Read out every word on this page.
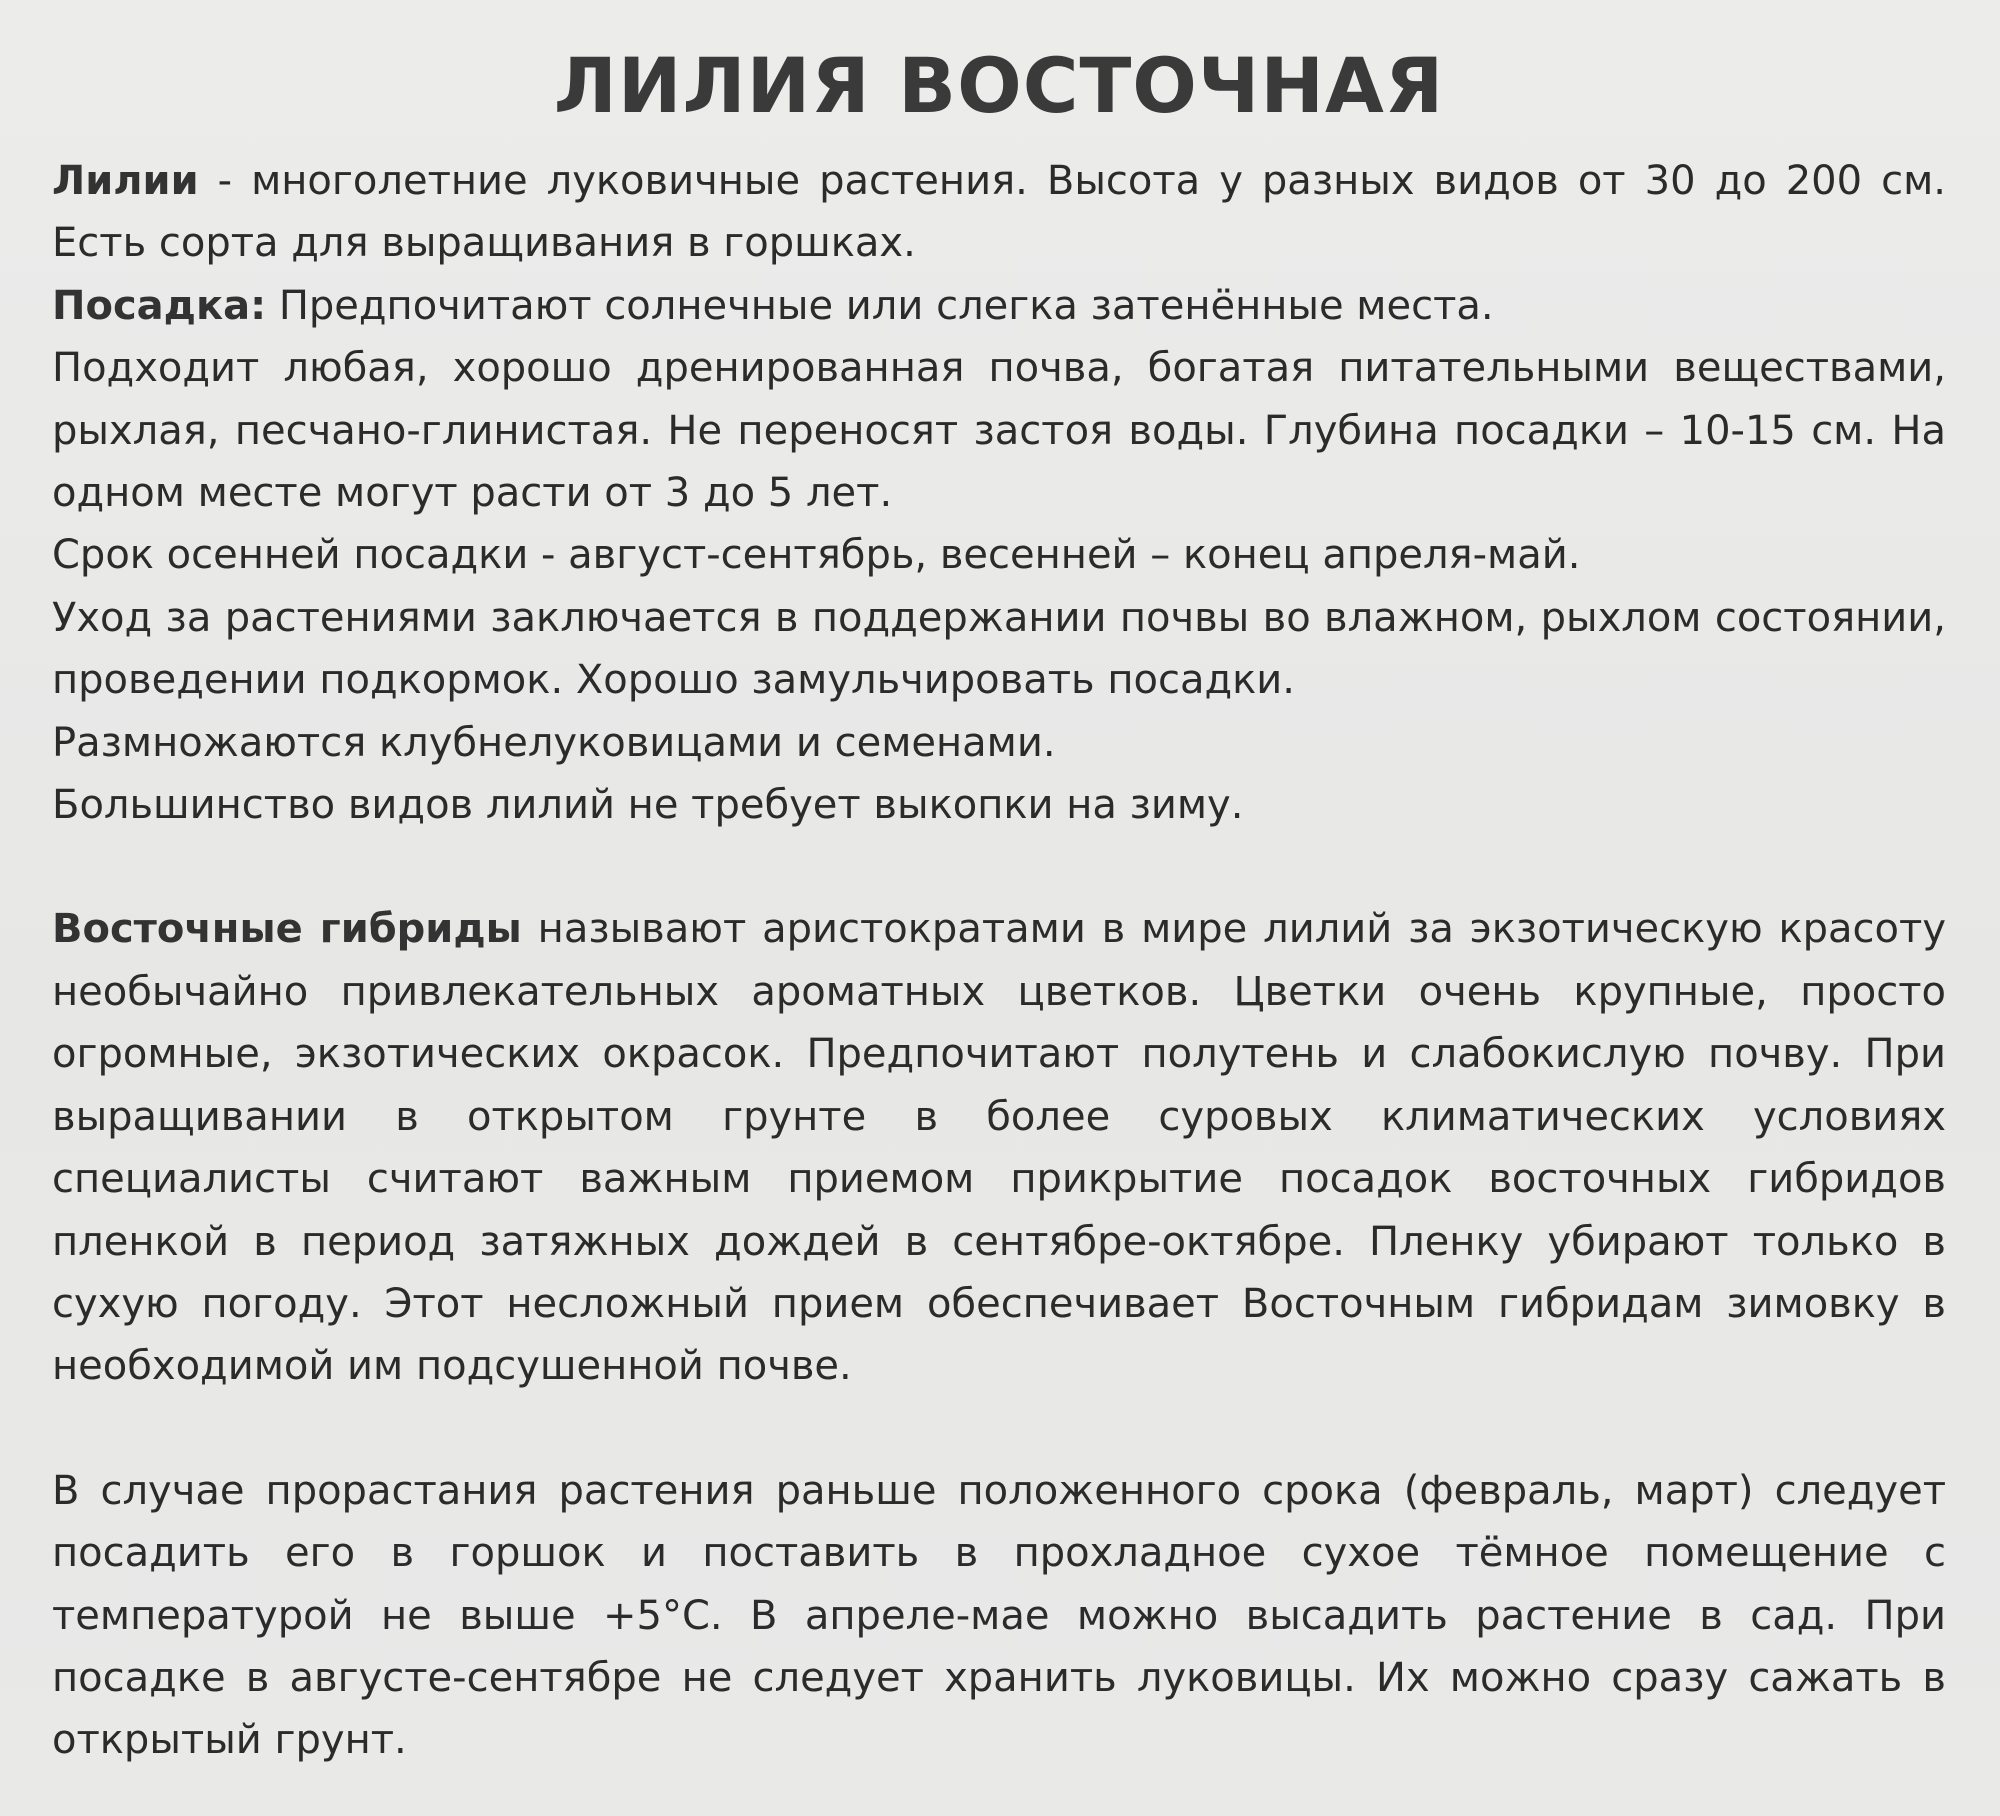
ЛИЛИЯ ВОСТОЧНАЯ

Лилии - многолетние луковичные растения. Высота у разных видов от 30 до 200 см. Есть сорта для выращивания в горшках.

Посадка: Предпочитают солнечные или слегка затенённые места.

Подходит любая, хорошо дренированная почва, богатая питательными веществами, рыхлая, песчано-глинистая. Не переносят застоя воды. Глубина посадки – 10-15 см. На одном месте могут расти от 3 до 5 лет.

Срок осенней посадки - август-сентябрь, весенней – конец апреля-май.

Уход за растениями заключается в поддержании почвы во влажном, рыхлом состоянии, проведении подкормок. Хорошо замульчировать посадки.

Размножаются клубнелуковицами и семенами.

Большинство видов лилий не требует выкопки на зиму.

Восточные гибриды называют аристократами в мире лилий за экзотическую красоту необычайно привлекательных ароматных цветков. Цветки очень крупные, просто огромные, экзотических окрасок. Предпочитают полутень и слабокислую почву. При выращивании в открытом грунте в более суровых климатических условиях специалисты считают важным приемом прикрытие посадок восточных гибридов пленкой в период затяжных дождей в сентябре-октябре. Пленку убирают только в сухую погоду. Этот несложный прием обеспечивает Восточным гибридам зимовку в необходимой им подсушенной почве.

В случае прорастания растения раньше положенного срока (февраль, март) следует посадить его в горшок и поставить в прохладное сухое тёмное помещение с температурой не выше +5°С. В апреле-мае можно высадить растение в сад. При посадке в августе-сентябре не следует хранить луковицы. Их можно сразу сажать в открытый грунт.
